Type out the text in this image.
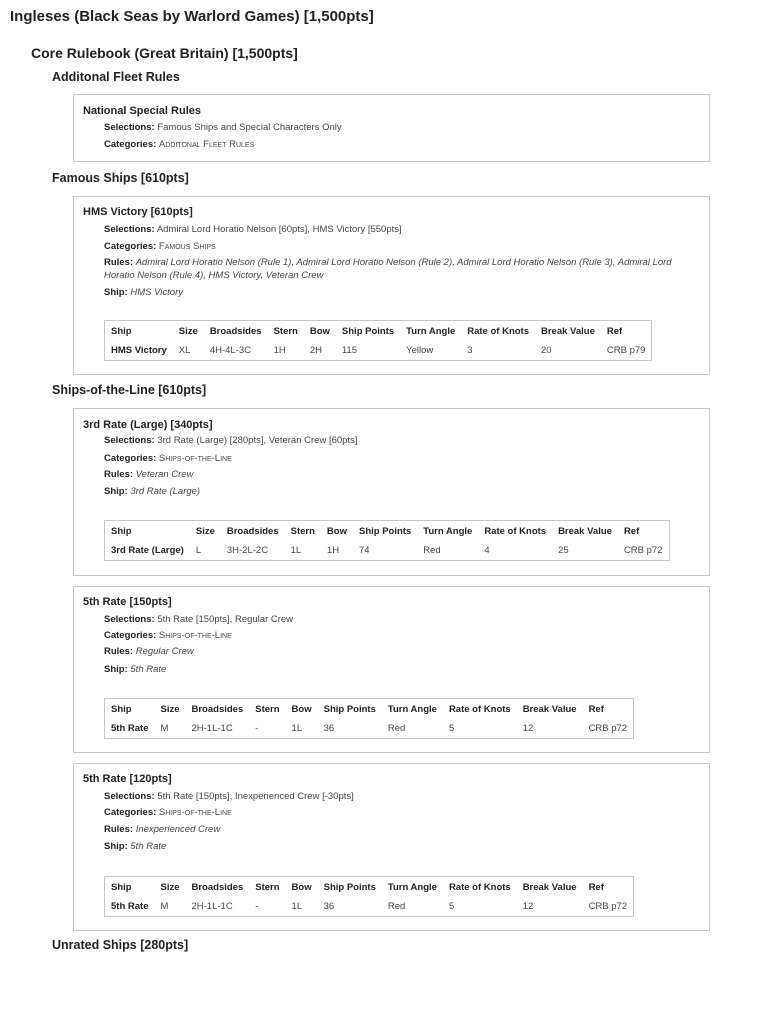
Ingleses (Black Seas by Warlord Games) [1,500pts]
Core Rulebook (Great Britain) [1,500pts]
Additonal Fleet Rules
National Special Rules
Selections: Famous Ships and Special Characters Only
Categories: Additonal Fleet Rules
Famous Ships [610pts]
HMS Victory [610pts]
Selections: Admiral Lord Horatio Nelson [60pts], HMS Victory [550pts]
Categories: Famous Ships
Rules: Admiral Lord Horatio Nelson (Rule 1), Admiral Lord Horatio Nelson (Rule 2), Admiral Lord Horatio Nelson (Rule 3), Admiral Lord Horatio Nelson (Rule 4), HMS Victory, Veteran Crew
Ship: HMS Victory
Ship	Size	Broadsides	Stern	Bow	Ship Points	Turn Angle	Rate of Knots	Break Value	Ref
HMS Victory	XL	4H-4L-3C	1H	2H	115	Yellow	3	20	CRB p79
Ships-of-the-Line [610pts]
3rd Rate (Large) [340pts]
Selections: 3rd Rate (Large) [280pts], Veteran Crew [60pts]
Categories: Ships-of-the-Line
Rules: Veteran Crew
Ship: 3rd Rate (Large)
Ship	Size	Broadsides	Stern	Bow	Ship Points	Turn Angle	Rate of Knots	Break Value	Ref
3rd Rate (Large)	L	3H-2L-2C	1L	1H	74	Red	4	25	CRB p72
5th Rate [150pts]
Selections: 5th Rate [150pts], Regular Crew
Categories: Ships-of-the-Line
Rules: Regular Crew
Ship: 5th Rate
Ship	Size	Broadsides	Stern	Bow	Ship Points	Turn Angle	Rate of Knots	Break Value	Ref
5th Rate	M	2H-1L-1C	-	1L	36	Red	5	12	CRB p72
5th Rate [120pts]
Selections: 5th Rate [150pts], Inexperienced Crew [-30pts]
Categories: Ships-of-the-Line
Rules: Inexperienced Crew
Ship: 5th Rate
Ship	Size	Broadsides	Stern	Bow	Ship Points	Turn Angle	Rate of Knots	Break Value	Ref
5th Rate	M	2H-1L-1C	-	1L	36	Red	5	12	CRB p72
Unrated Ships [280pts]
